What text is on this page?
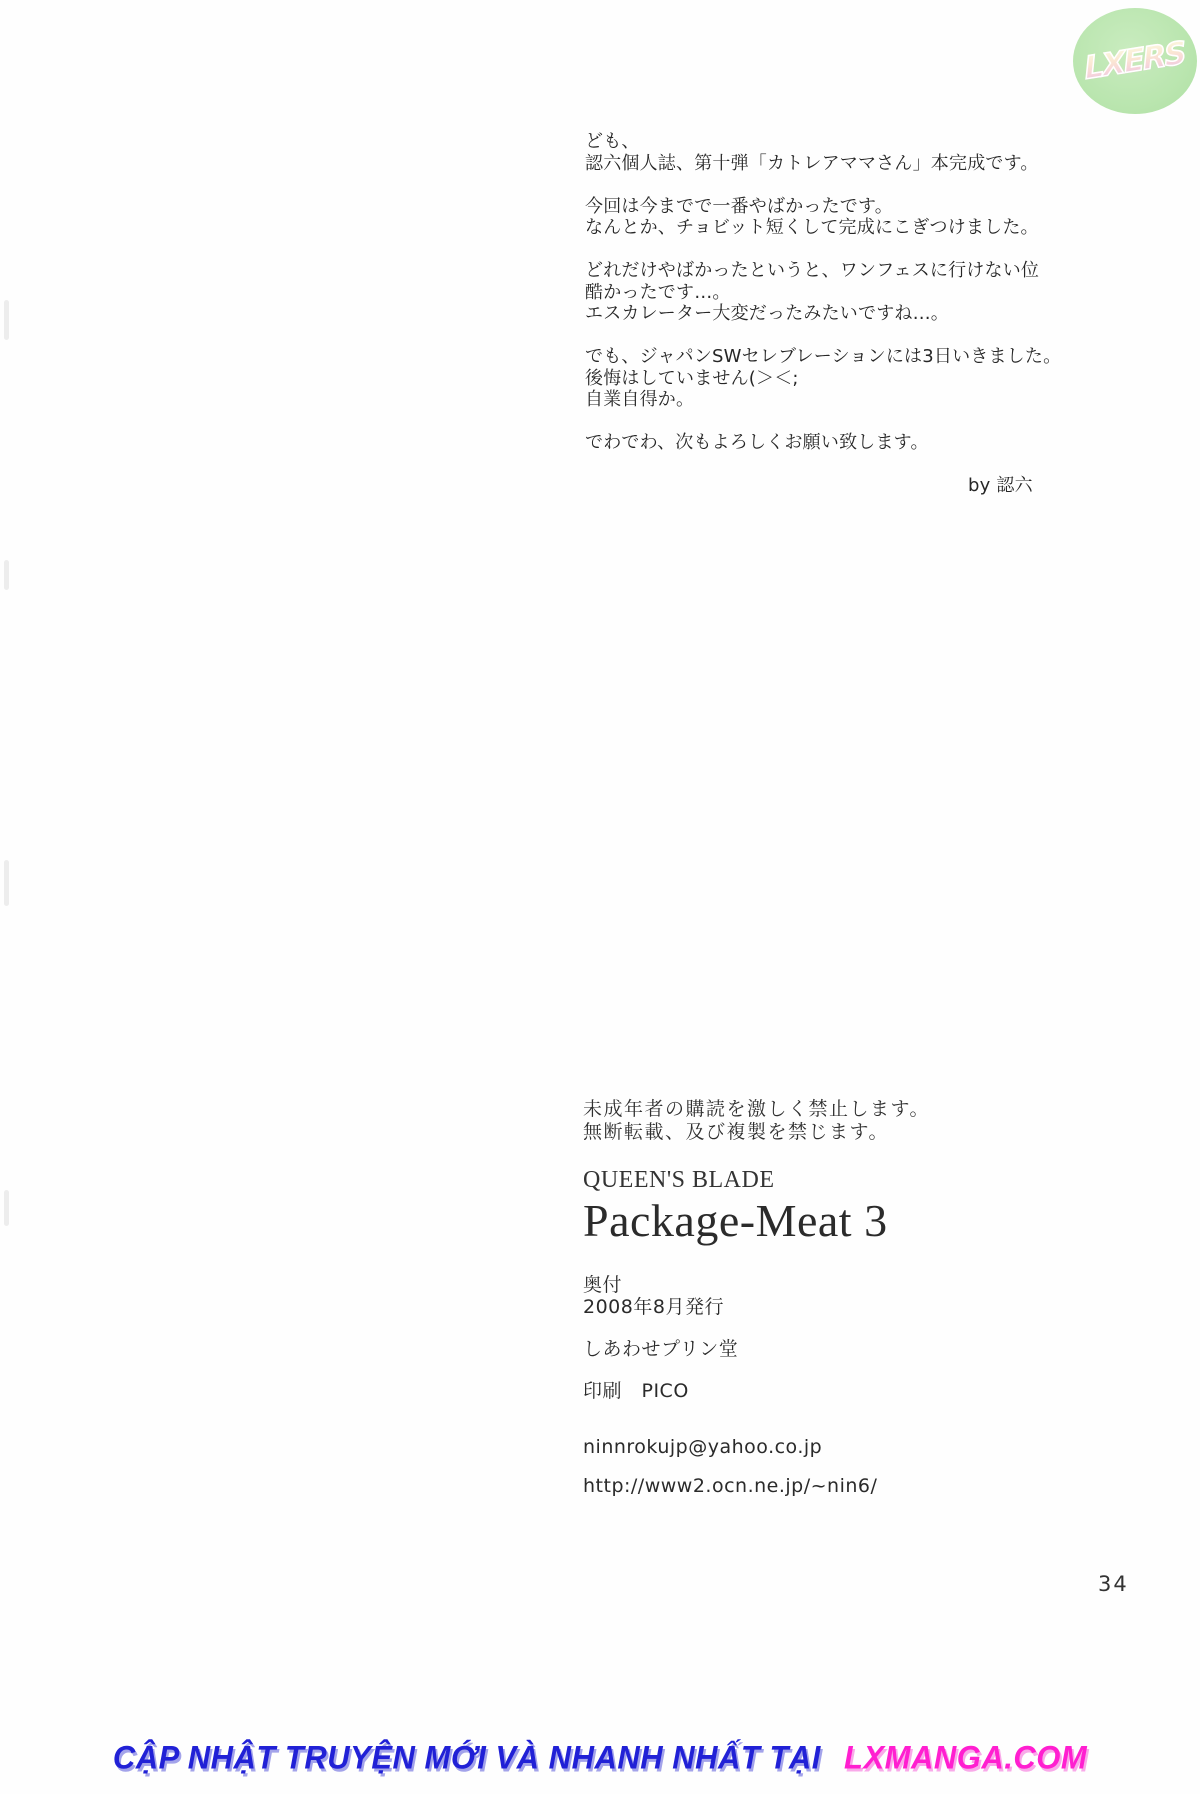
LXERS
ども、
認六個人誌、第十弾「カトレアママさん」本完成です。
今回は今までで一番やばかったです。
なんとか、チョビット短くして完成にこぎつけました。
どれだけやばかったというと、ワンフェスに行けない位
酷かったです…。
エスカレーター大変だったみたいですね…。
でも、ジャパンSWセレブレーションには3日いきました。
後悔はしていません(＞＜;
自業自得か。
でわでわ、次もよろしくお願い致します。
by 認六
未成年者の購読を激しく禁止します。
無断転載、及び複製を禁じます。
QUEEN'S BLADE
Package-Meat 3
奥付
2008年8月発行
しあわせプリン堂
印刷　PICO
ninnrokujp@yahoo.co.jp
http://www2.ocn.ne.jp/~nin6/
34
CẬP NHẬT TRUYỆN MỚI VÀ NHANH NHẤT TẠI LXMANGA.COM
